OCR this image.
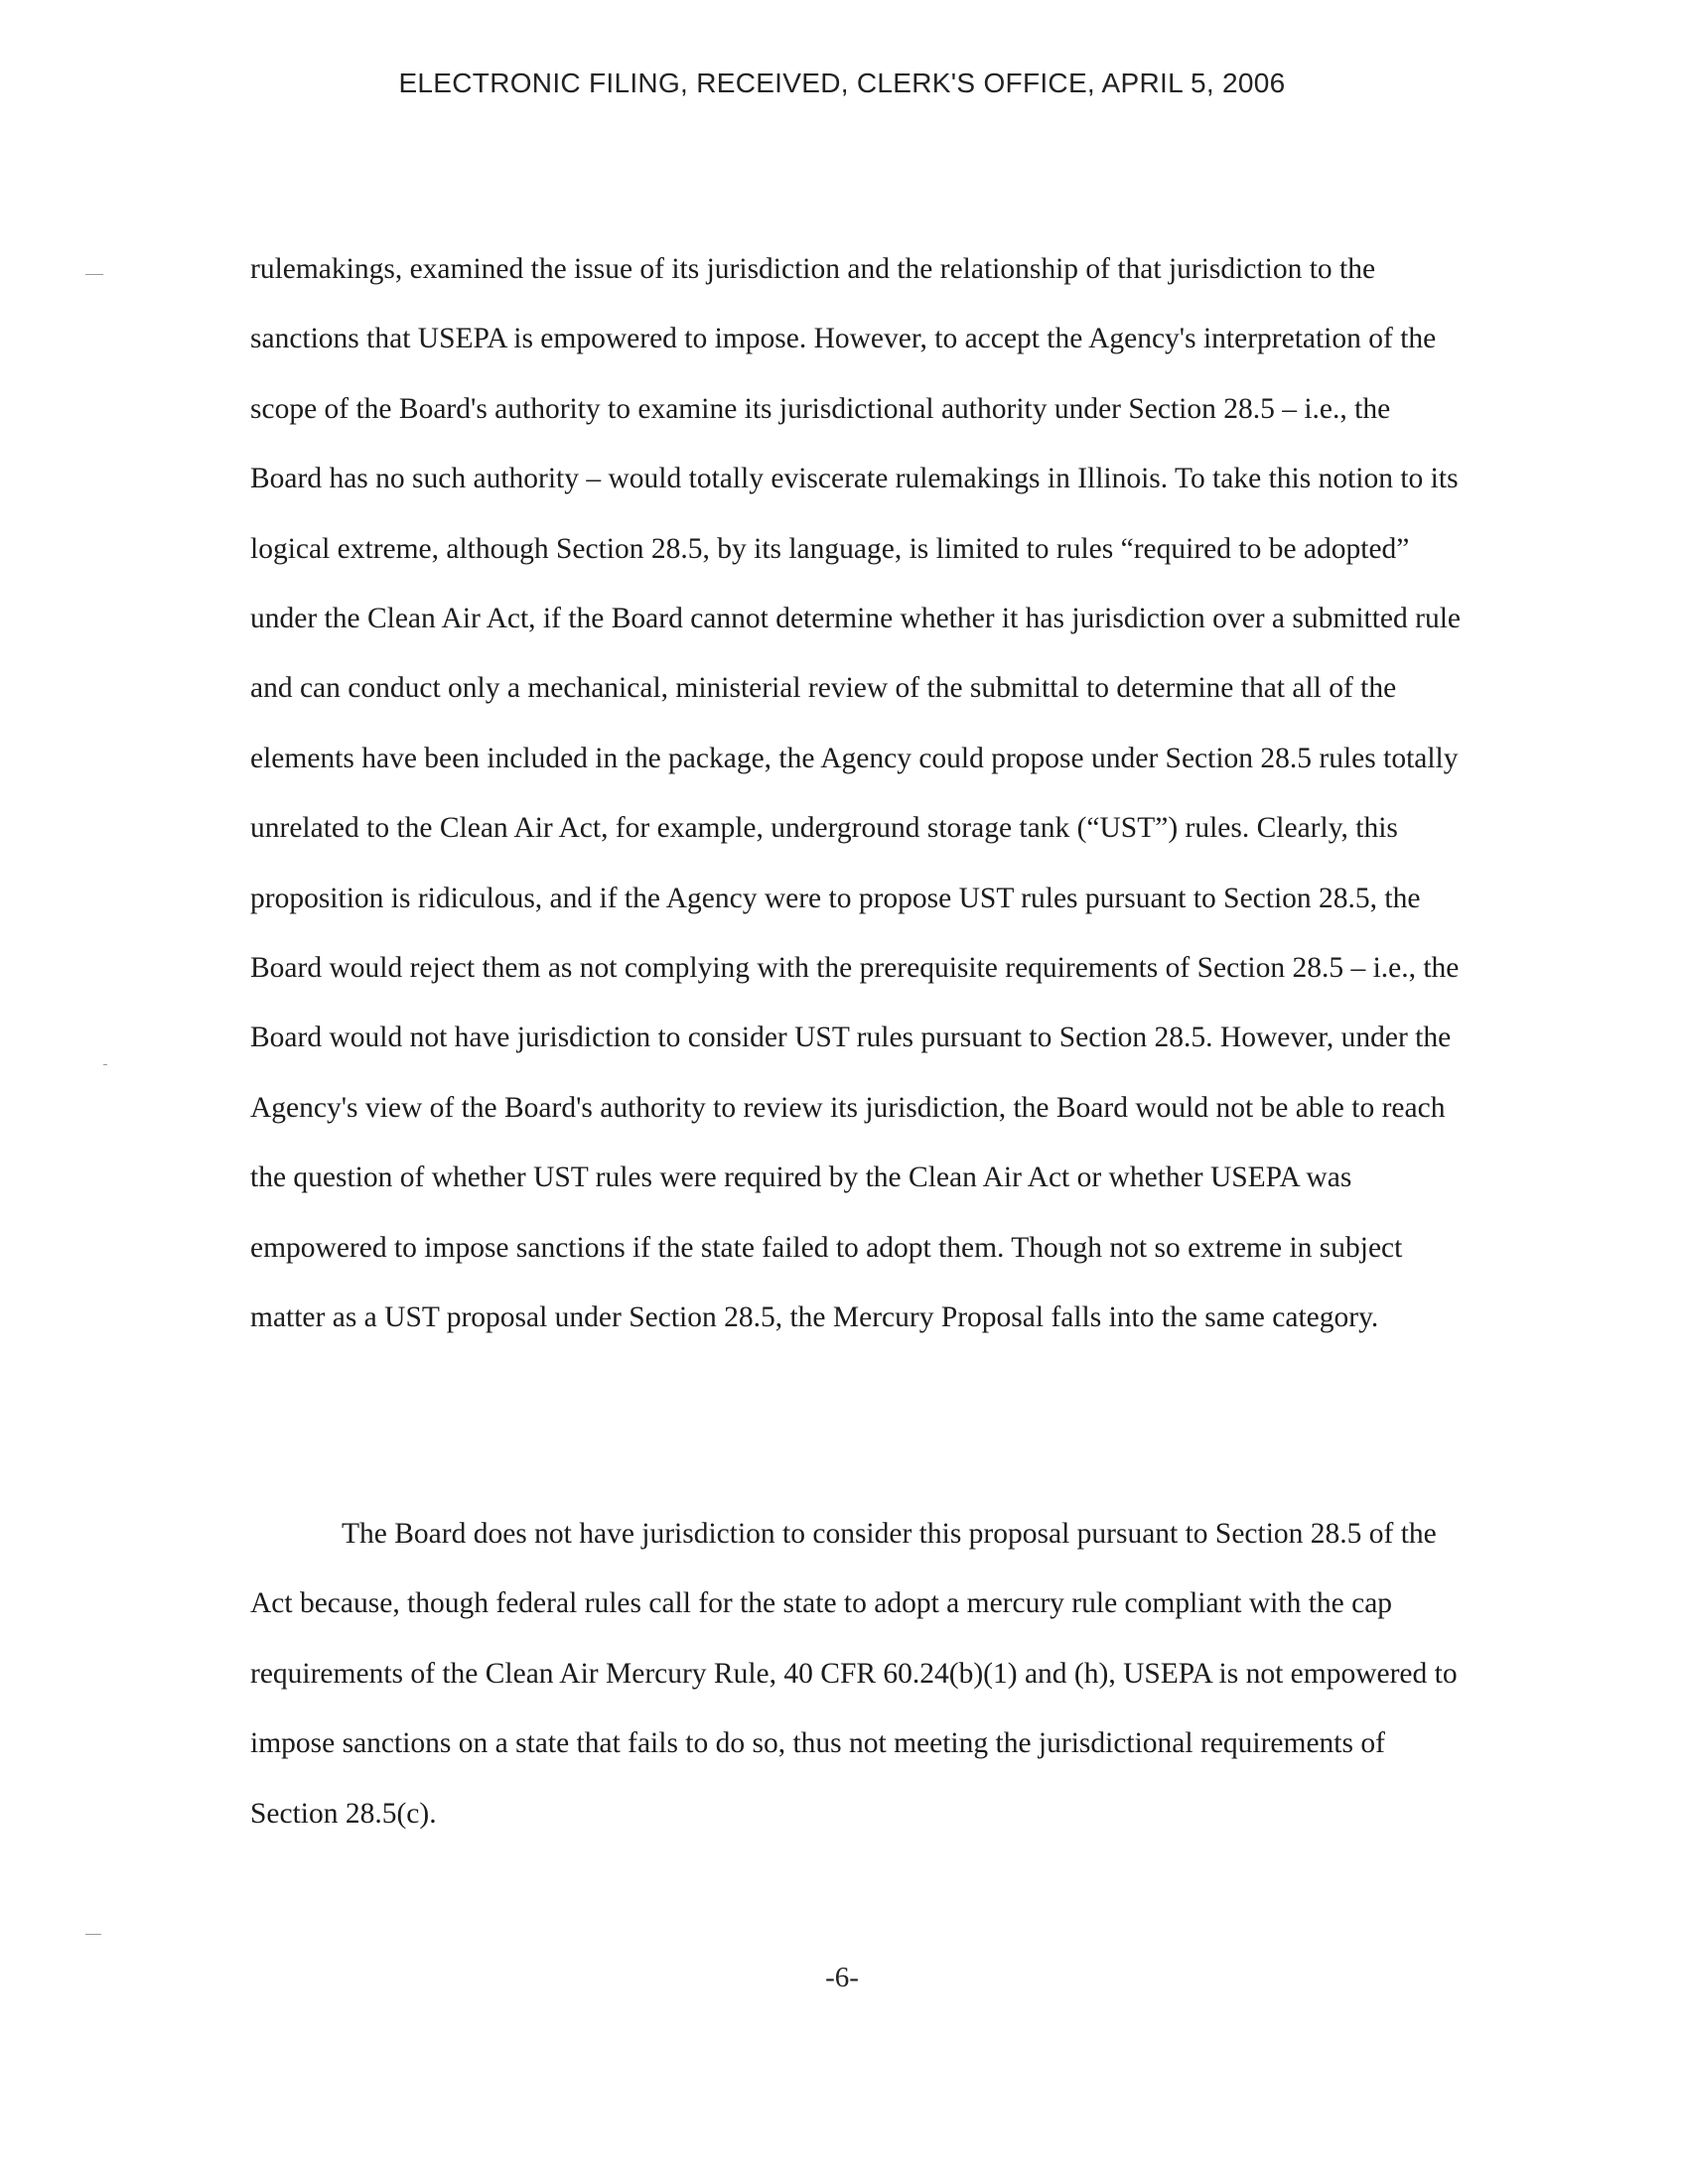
ELECTRONIC FILING, RECEIVED, CLERK'S OFFICE, APRIL 5, 2006

rulemakings, examined the issue of its jurisdiction and the relationship of that jurisdiction to the sanctions that USEPA is empowered to impose. However, to accept the Agency's interpretation of the scope of the Board's authority to examine its jurisdictional authority under Section 28.5 – i.e., the Board has no such authority – would totally eviscerate rulemakings in Illinois. To take this notion to its logical extreme, although Section 28.5, by its language, is limited to rules “required to be adopted” under the Clean Air Act, if the Board cannot determine whether it has jurisdiction over a submitted rule and can conduct only a mechanical, ministerial review of the submittal to determine that all of the elements have been included in the package, the Agency could propose under Section 28.5 rules totally unrelated to the Clean Air Act, for example, underground storage tank (“UST”) rules. Clearly, this proposition is ridiculous, and if the Agency were to propose UST rules pursuant to Section 28.5, the Board would reject them as not complying with the prerequisite requirements of Section 28.5 – i.e., the Board would not have jurisdiction to consider UST rules pursuant to Section 28.5. However, under the Agency's view of the Board's authority to review its jurisdiction, the Board would not be able to reach the question of whether UST rules were required by the Clean Air Act or whether USEPA was empowered to impose sanctions if the state failed to adopt them. Though not so extreme in subject matter as a UST proposal under Section 28.5, the Mercury Proposal falls into the same category.

The Board does not have jurisdiction to consider this proposal pursuant to Section 28.5 of the Act because, though federal rules call for the state to adopt a mercury rule compliant with the cap requirements of the Clean Air Mercury Rule, 40 CFR 60.24(b)(1) and (h), USEPA is not empowered to impose sanctions on a state that fails to do so, thus not meeting the jurisdictional requirements of Section 28.5(c).

-6-
